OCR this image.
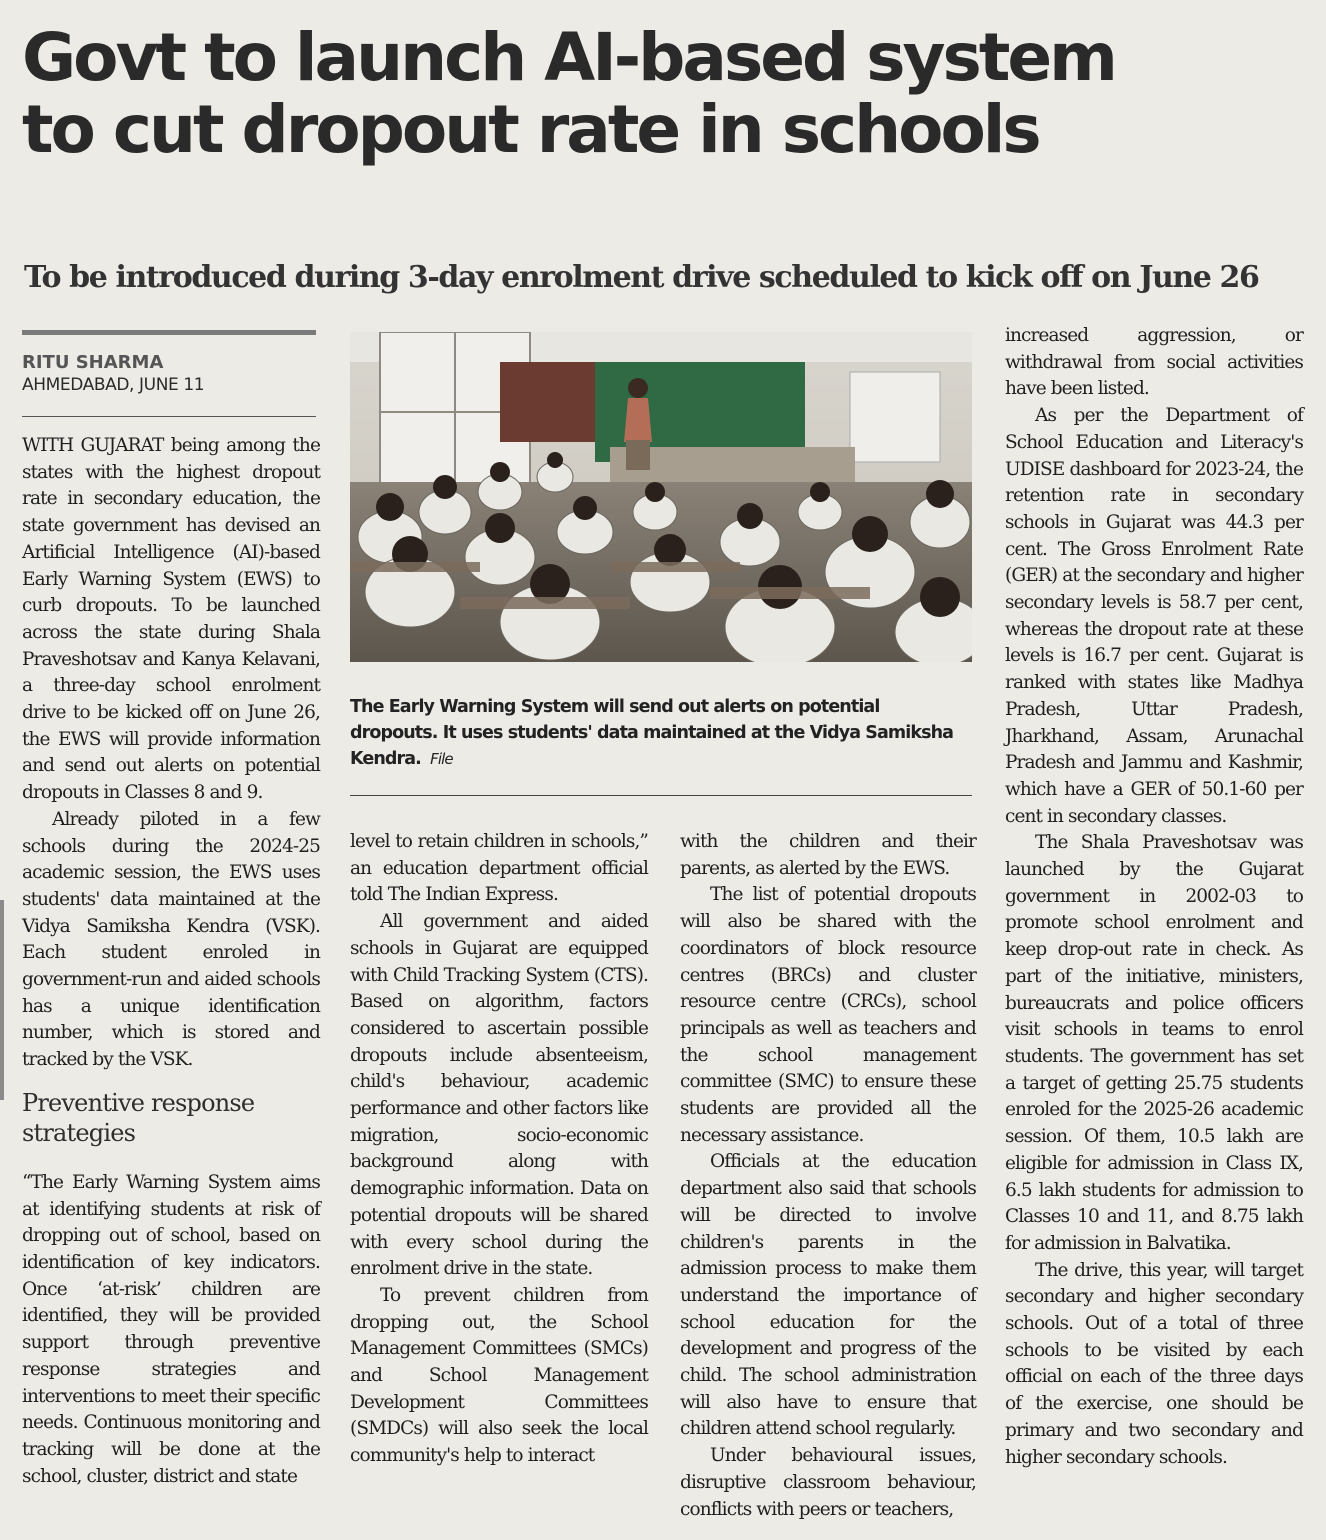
Govt to launch AI-based system
to cut dropout rate in schools
To be introduced during 3-day enrolment drive scheduled to kick off on June 26
RITU SHARMA
AHMEDABAD, JUNE 11

WITH GUJARAT being among the states with the highest dropout rate in secondary education, the state government has devised an Artificial Intelligence (AI)-based Early Warning System (EWS) to curb dropouts. To be launched across the state during Shala Praveshotsav and Kanya Kelavani, a three-day school enrolment drive to be kicked off on June 26, the EWS will provide information and send out alerts on potential dropouts in Classes 8 and 9.

Already piloted in a few schools during the 2024-25 academic session, the EWS uses students' data maintained at the Vidya Samiksha Kendra (VSK). Each student enroled in government-run and aided schools has a unique identification number, which is stored and tracked by the VSK.

Preventive response strategies

“The Early Warning System aims at identifying students at risk of dropping out of school, based on identification of key indicators. Once ‘at-risk’ children are identified, they will be provided support through preventive response strategies and interventions to meet their specific needs. Continuous monitoring and tracking will be done at the school, cluster, district and state

The Early Warning System will send out alerts on potential dropouts. It uses students' data maintained at the Vidya Samiksha Kendra. File

level to retain children in schools,” an education department official told The Indian Express.

All government and aided schools in Gujarat are equipped with Child Tracking System (CTS). Based on algorithm, factors considered to ascertain possible dropouts include absenteeism, child's behaviour, academic performance and other factors like migration, socio-economic background along with demographic information. Data on potential dropouts will be shared with every school during the enrolment drive in the state.

To prevent children from dropping out, the School Management Committees (SMCs) and School Management Development Committees (SMDCs) will also seek the local community's help to interact

with the children and their parents, as alerted by the EWS.

The list of potential dropouts will also be shared with the coordinators of block resource centres (BRCs) and cluster resource centre (CRCs), school principals as well as teachers and the school management committee (SMC) to ensure these students are provided all the necessary assistance.

Officials at the education department also said that schools will be directed to involve children's parents in the admission process to make them understand the importance of school education for the development and progress of the child. The school administration will also have to ensure that children attend school regularly.

Under behavioural issues, disruptive classroom behaviour, conflicts with peers or teachers,

increased aggression, or withdrawal from social activities have been listed.

As per the Department of School Education and Literacy's UDISE dashboard for 2023-24, the retention rate in secondary schools in Gujarat was 44.3 per cent. The Gross Enrolment Rate (GER) at the secondary and higher secondary levels is 58.7 per cent, whereas the dropout rate at these levels is 16.7 per cent. Gujarat is ranked with states like Madhya Pradesh, Uttar Pradesh, Jharkhand, Assam, Arunachal Pradesh and Jammu and Kashmir, which have a GER of 50.1-60 per cent in secondary classes.

The Shala Praveshotsav was launched by the Gujarat government in 2002-03 to promote school enrolment and keep drop-out rate in check. As part of the initiative, ministers, bureaucrats and police officers visit schools in teams to enrol students. The government has set a target of getting 25.75 students enroled for the 2025-26 academic session. Of them, 10.5 lakh are eligible for admission in Class IX, 6.5 lakh students for admission to Classes 10 and 11, and 8.75 lakh for admission in Balvatika.

The drive, this year, will target secondary and higher secondary schools. Out of a total of three schools to be visited by each official on each of the three days of the exercise, one should be primary and two secondary and higher secondary schools.
